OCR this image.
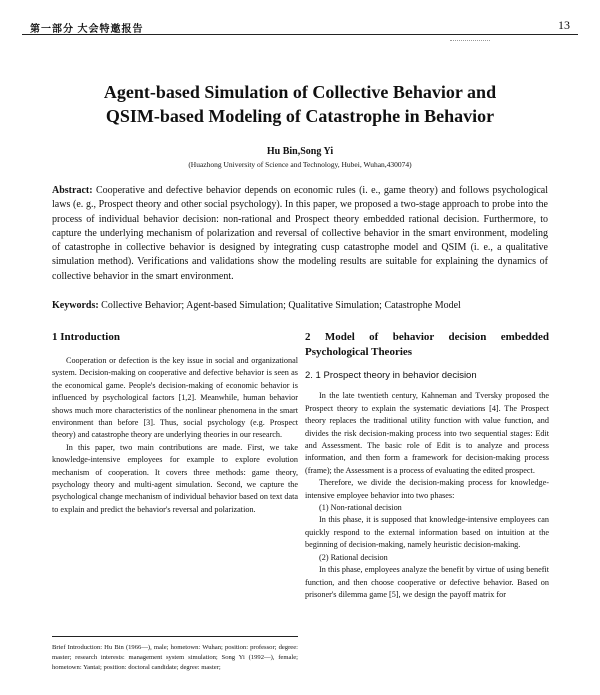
第一部分 大会特邀报告	13
Agent-based Simulation of Collective Behavior and
QSIM-based Modeling of Catastrophe in Behavior
Hu Bin,Song Yi
(Huazhong University of Science and Technology, Hubei, Wuhan,430074)
Abstract: Cooperative and defective behavior depends on economic rules (i. e., game theory) and follows psychological laws (e. g., Prospect theory and other social psychology). In this paper, we proposed a two-stage approach to probe into the process of individual behavior decision: non-rational and Prospect theory embedded rational decision. Furthermore, to capture the underlying mechanism of polarization and reversal of collective behavior in the smart environment, modeling of catastrophe in collective behavior is designed by integrating cusp catastrophe model and QSIM (i. e., a qualitative simulation method). Verifications and validations show the modeling results are suitable for explaining the dynamics of collective behavior in the smart environment.
Keywords: Collective Behavior; Agent-based Simulation; Qualitative Simulation; Catastrophe Model
1 Introduction

Cooperation or defection is the key issue in social and organizational system. Decision-making on cooperative and defective behavior is seen as the economical game. People's decision-making of economic behavior is influenced by psychological factors [1,2]. Meanwhile, human behavior shows much more characteristics of the nonlinear phenomena in the smart environment than before [3]. Thus, social psychology (e.g. Prospect theory) and catastrophe theory are underlying theories in our research.

In this paper, two main contributions are made. First, we take knowledge-intensive employees for example to explore evolution mechanism of cooperation. It covers three methods: game theory, psychology theory and multi-agent simulation. Second, we capture the psychological change mechanism of individual behavior based on text data to explain and predict the behavior's reversal and polarization.

Brief Introduction: Hu Bin (1966—), male; hometown: Wuhan; position: professor; degree: master; research interests: management system simulation; Song Yi (1992—), female; hometown: Yantai; position: doctoral candidate; degree: master;
2 Model of behavior decision embedded Psychological Theories
2. 1 Prospect theory in behavior decision

In the late twentieth century, Kahneman and Tversky proposed the Prospect theory to explain the systematic deviations [4]. The Prospect theory replaces the traditional utility function with value function, and divides the risk decision-making process into two sequential stages: Edit and Assessment. The basic role of Edit is to analyze and process information, and then form a framework for decision-making process (frame); the Assessment is a process of evaluating the edited prospect.

Therefore, we divide the decision-making process for knowledge-intensive employee behavior into two phases:

(1) Non-rational decision

In this phase, it is supposed that knowledge-intensive employees can quickly respond to the external information based on intuition at the beginning of decision-making, namely heuristic decision-making.

(2) Rational decision

In this phase, employees analyze the benefit by virtue of using benefit function, and then choose cooperative or defective behavior. Based on prisoner's dilemma game [5], we design the payoff matrix for
